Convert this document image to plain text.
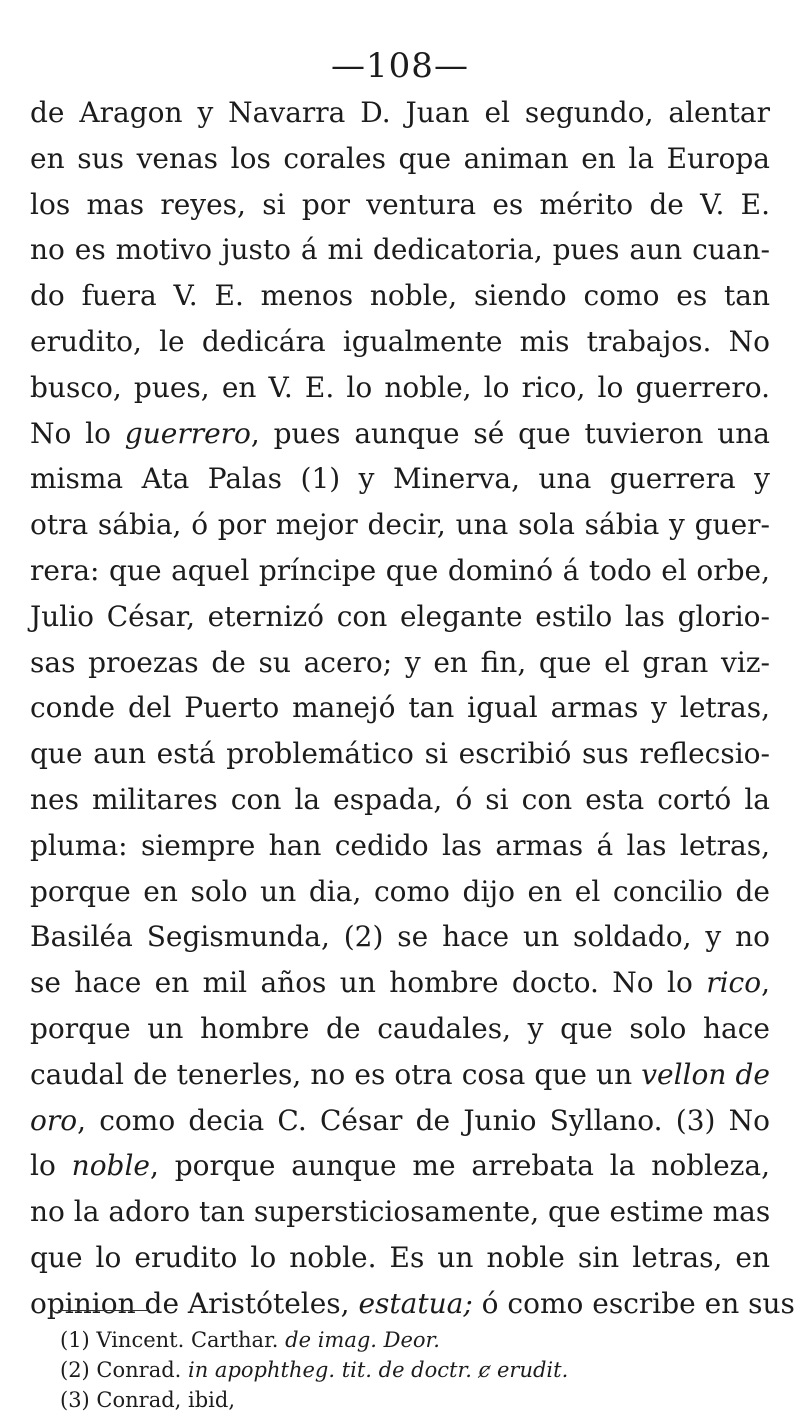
—108—
de Aragon y Navarra D. Juan el segundo, alentar
en sus venas los corales que animan en la Europa
los mas reyes, si por ventura es mérito de V. E.
no es motivo justo á mi dedicatoria, pues aun cuan-
do fuera V. E. menos noble, siendo como es tan
erudito, le dedicára igualmente mis trabajos. No
busco, pues, en V. E. lo noble, lo rico, lo guerrero.
No lo guerrero, pues aunque sé que tuvieron una
misma Ata Palas (1) y Minerva, una guerrera y
otra sábia, ó por mejor decir, una sola sábia y guer-
rera: que aquel príncipe que dominó á todo el orbe,
Julio César, eternizó con elegante estilo las glorio-
sas proezas de su acero; y en fin, que el gran viz-
conde del Puerto manejó tan igual armas y letras,
que aun está problemático si escribió sus reflecsio-
nes militares con la espada, ó si con esta cortó la
pluma: siempre han cedido las armas á las letras,
porque en solo un dia, como dijo en el concilio de
Basiléa Segismunda, (2) se hace un soldado, y no
se hace en mil años un hombre docto. No lo rico,
porque un hombre de caudales, y que solo hace
caudal de tenerles, no es otra cosa que un vellon de
oro, como decia C. César de Junio Syllano. (3) No
lo noble, porque aunque me arrebata la nobleza,
no la adoro tan supersticiosamente, que estime mas
que lo erudito lo noble. Es un noble sin letras, en
opinion de Aristóteles, estatua; ó como escribe en sus
(1) Vincent. Carthar. de imag. Deor.
(2) Conrad. in apophtheg. tit. de doctr. ȼ erudit.
(3) Conrad, ibid,
